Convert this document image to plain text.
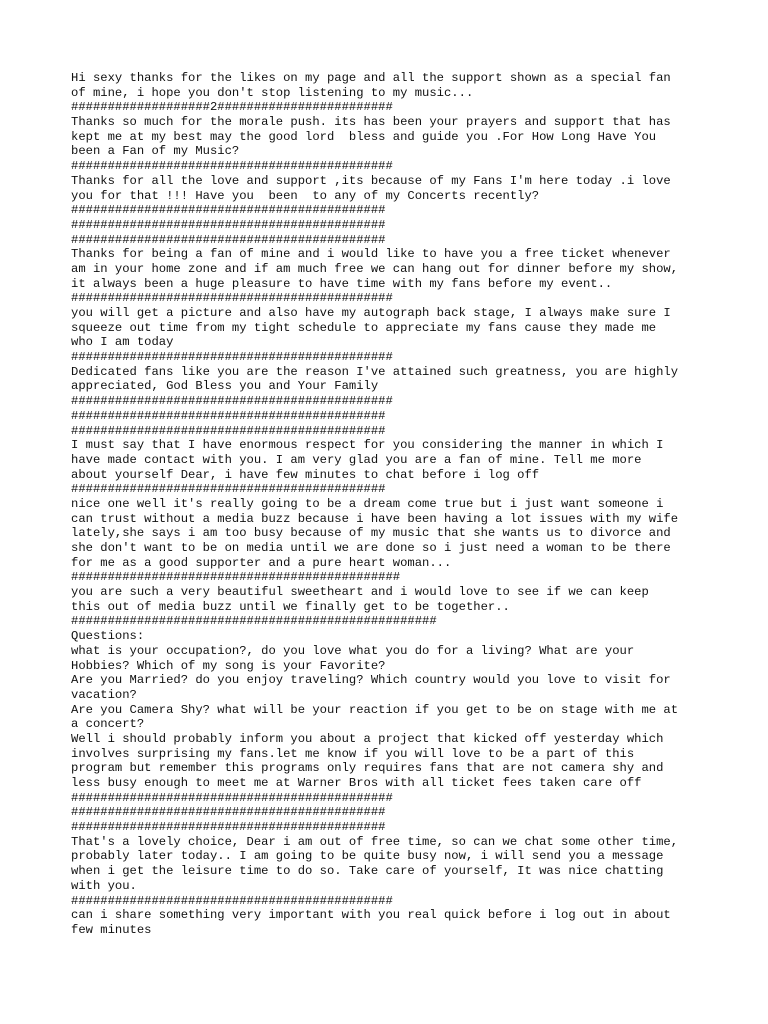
Hi sexy thanks for the likes on my page and all the support shown as a special fan
of mine, i hope you don't stop listening to my music...
###################2########################
Thanks so much for the morale push. its has been your prayers and support that has
kept me at my best may the good lord  bless and guide you .For How Long Have You
been a Fan of my Music?
############################################
Thanks for all the love and support ,its because of my Fans I'm here today .i love
you for that !!! Have you  been  to any of my Concerts recently?
###########################################
###########################################
###########################################
Thanks for being a fan of mine and i would like to have you a free ticket whenever
am in your home zone and if am much free we can hang out for dinner before my show,
it always been a huge pleasure to have time with my fans before my event..
############################################
you will get a picture and also have my autograph back stage, I always make sure I
squeeze out time from my tight schedule to appreciate my fans cause they made me
who I am today
############################################
Dedicated fans like you are the reason I've attained such greatness, you are highly
appreciated, God Bless you and Your Family
############################################
###########################################
###########################################
I must say that I have enormous respect for you considering the manner in which I
have made contact with you. I am very glad you are a fan of mine. Tell me more
about yourself Dear, i have few minutes to chat before i log off
###########################################
nice one well it's really going to be a dream come true but i just want someone i
can trust without a media buzz because i have been having a lot issues with my wife
lately,she says i am too busy because of my music that she wants us to divorce and
she don't want to be on media until we are done so i just need a woman to be there
for me as a good supporter and a pure heart woman...
#############################################
you are such a very beautiful sweetheart and i would love to see if we can keep
this out of media buzz until we finally get to be together..
##################################################
Questions:
what is your occupation?, do you love what you do for a living? What are your
Hobbies? Which of my song is your Favorite?
Are you Married? do you enjoy traveling? Which country would you love to visit for
vacation?
Are you Camera Shy? what will be your reaction if you get to be on stage with me at
a concert?
Well i should probably inform you about a project that kicked off yesterday which
involves surprising my fans.let me know if you will love to be a part of this
program but remember this programs only requires fans that are not camera shy and
less busy enough to meet me at Warner Bros with all ticket fees taken care off
############################################
###########################################
###########################################
That's a lovely choice, Dear i am out of free time, so can we chat some other time,
probably later today.. I am going to be quite busy now, i will send you a message
when i get the leisure time to do so. Take care of yourself, It was nice chatting
with you.
############################################
can i share something very important with you real quick before i log out in about
few minutes
